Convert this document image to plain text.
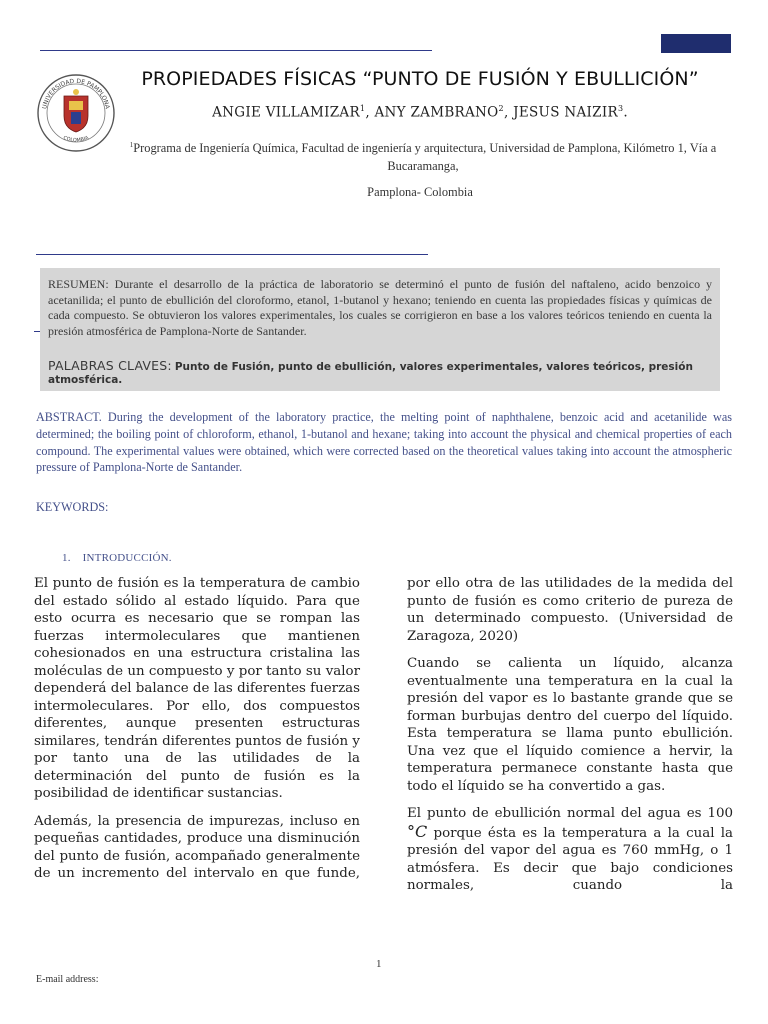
UNIVERSIDAD DE PAMPLONA
COLOMBIA
PROPIEDADES FÍSICAS “PUNTO DE FUSIÓN Y EBULLICIÓN”
ANGIE VILLAMIZAR$^1$, ANY ZAMBRANO$^2$, JESUS NAIZIR$^3$.
$^1$Programa de Ingeniería Química, Facultad de ingeniería y arquitectura, Universidad de Pamplona, Kilómetro 1, Vía a Bucaramanga,
Pamplona- Colombia
RESUMEN: Durante el desarrollo de la práctica de laboratorio se determinó el punto de fusión del naftaleno, acido benzoico y acetanilida; el punto de ebullición del cloroformo, etanol, 1-butanol y hexano; teniendo en cuenta las propiedades físicas y químicas de cada compuesto. Se obtuvieron los valores experimentales, los cuales se corrigieron en base a los valores teóricos teniendo en cuenta la presión atmosférica de Pamplona-Norte de Santander.
PALABRAS CLAVES: Punto de Fusión, punto de ebullición, valores experimentales, valores teóricos, presión atmosférica.
ABSTRACT. During the development of the laboratory practice, the melting point of naphthalene, benzoic acid and acetanilide was determined; the boiling point of chloroform, ethanol, 1-butanol and hexane; taking into account the physical and chemical properties of each compound. The experimental values were obtained, which were corrected based on the theoretical values taking into account the atmospheric pressure of Pamplona-Norte de Santander.
KEYWORDS:
1. INTRODUCCIÓN.

El punto de fusión es la temperatura de cambio del estado sólido al estado líquido. Para que esto ocurra es necesario que se rompan las fuerzas intermoleculares que mantienen cohesionados en una estructura cristalina las moléculas de un compuesto y por tanto su valor dependerá del balance de las diferentes fuerzas intermoleculares. Por ello, dos compuestos diferentes, aunque presenten estructuras similares, tendrán diferentes puntos de fusión y por tanto una de las utilidades de la determinación del punto de fusión es la posibilidad de identificar sustancias.

Además, la presencia de impurezas, incluso en pequeñas cantidades, produce una disminución del punto de fusión, acompañado generalmente de un incremento del intervalo en que funde,

por ello otra de las utilidades de la medida del punto de fusión es como criterio de pureza de un determinado compuesto. (Universidad de Zaragoza, 2020)

Cuando se calienta un líquido, alcanza eventualmente una temperatura en la cual la presión del vapor es lo bastante grande que se forman burbujas dentro del cuerpo del líquido. Esta temperatura se llama punto ebullición. Una vez que el líquido comience a hervir, la temperatura permanece constante hasta que todo el líquido se ha convertido a gas.

El punto de ebullición normal del agua es 100 °C porque ésta es la temperatura a la cual la presión del vapor del agua es 760 mmHg, o 1 atmósfera. Es decir que bajo condiciones normales, cuando la

1
E-mail address:
